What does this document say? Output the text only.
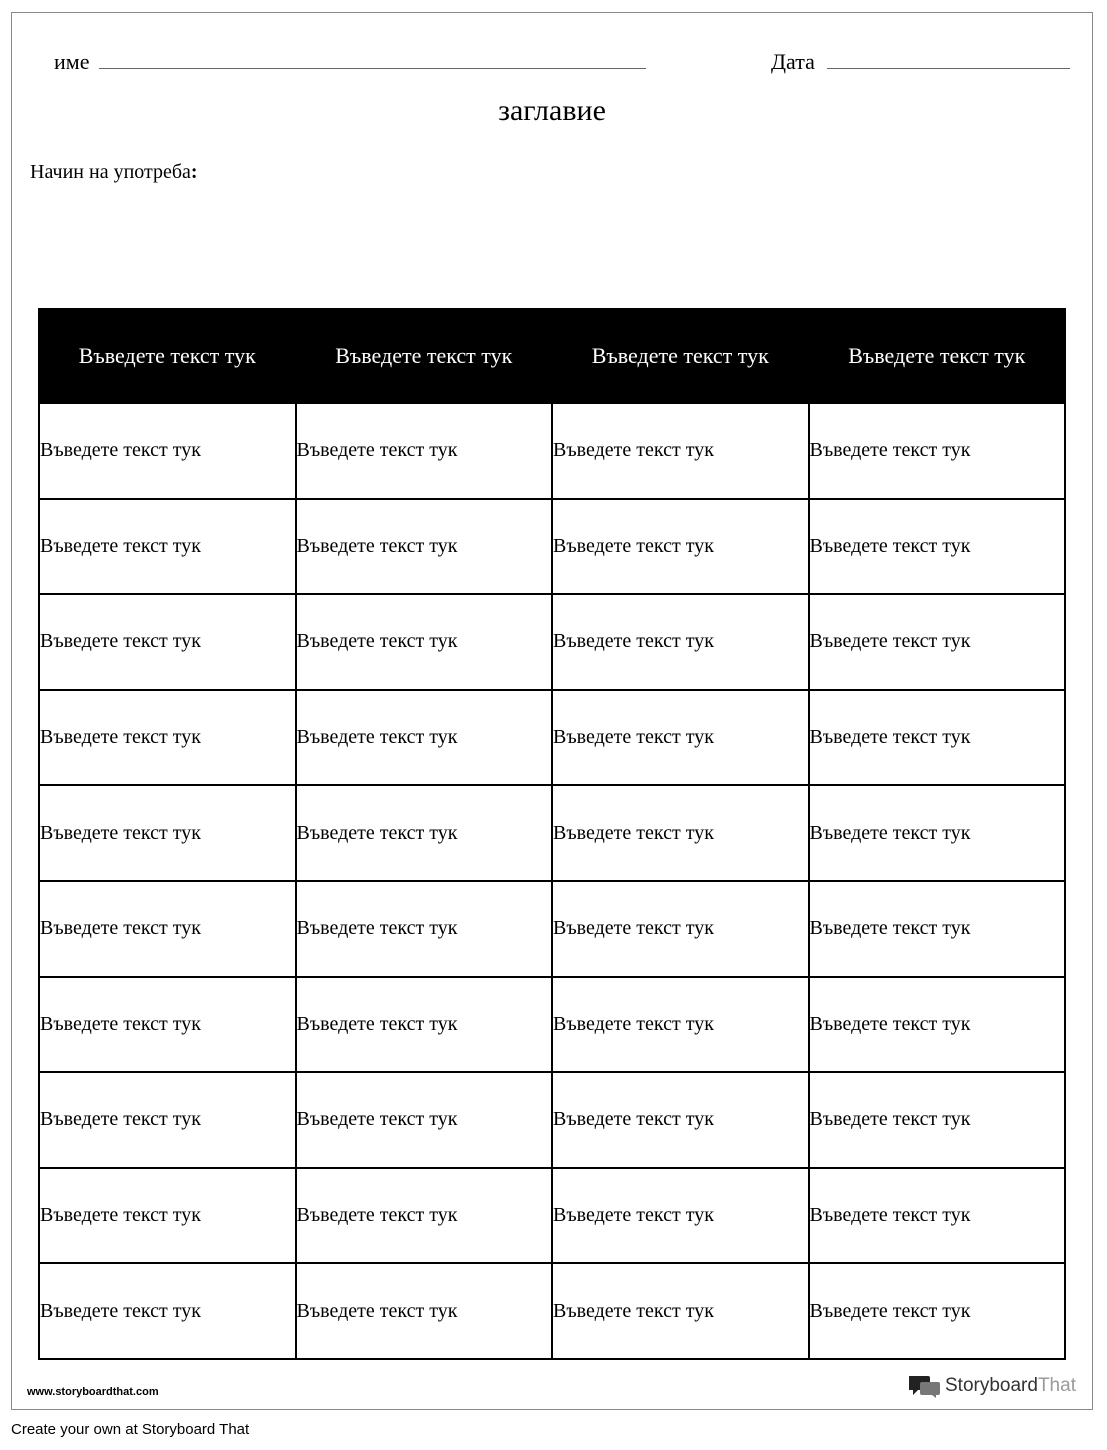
име	Дата
заглавие
Начин на употреба:
Въведете текст тук	Въведете текст тук	Въведете текст тук	Въведете текст тук
Въведете текст тук	Въведете текст тук	Въведете текст тук	Въведете текст тук
Въведете текст тук	Въведете текст тук	Въведете текст тук	Въведете текст тук
Въведете текст тук	Въведете текст тук	Въведете текст тук	Въведете текст тук
Въведете текст тук	Въведете текст тук	Въведете текст тук	Въведете текст тук
Въведете текст тук	Въведете текст тук	Въведете текст тук	Въведете текст тук
Въведете текст тук	Въведете текст тук	Въведете текст тук	Въведете текст тук
Въведете текст тук	Въведете текст тук	Въведете текст тук	Въведете текст тук
Въведете текст тук	Въведете текст тук	Въведете текст тук	Въведете текст тук
Въведете текст тук	Въведете текст тук	Въведете текст тук	Въведете текст тук
Въведете текст тук	Въведете текст тук	Въведете текст тук	Въведете текст тук
www.storyboardthat.com	StoryboardThat
Create your own at Storyboard That
